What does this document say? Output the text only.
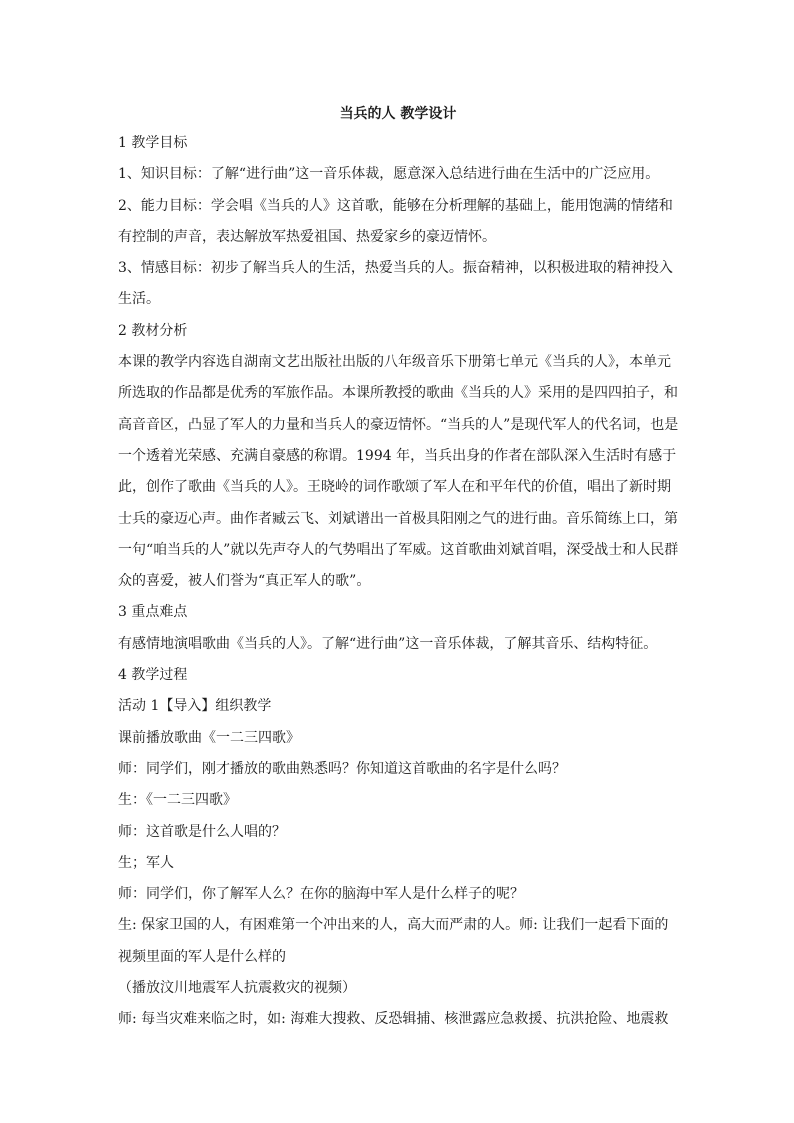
当兵的人 教学设计
1 教学目标
1、知识目标：了解“进行曲”这一音乐体裁，愿意深入总结进行曲在生活中的广泛应用。
2、能力目标：学会唱《当兵的人》这首歌，能够在分析理解的基础上，能用饱满的情绪和
有控制的声音，表达解放军热爱祖国、热爱家乡的豪迈情怀。
3、情感目标：初步了解当兵人的生活，热爱当兵的人。振奋精神，以积极进取的精神投入
生活。
2 教材分析
本课的教学内容选自湖南文艺出版社出版的八年级音乐下册第七单元《当兵的人》，本单元
所选取的作品都是优秀的军旅作品。本课所教授的歌曲《当兵的人》采用的是四四拍子，和
高音音区，凸显了军人的力量和当兵人的豪迈情怀。“当兵的人”是现代军人的代名词，也是
一个透着光荣感、充满自豪感的称谓。1994 年，当兵出身的作者在部队深入生活时有感于
此，创作了歌曲《当兵的人》。王晓岭的词作歌颂了军人在和平年代的价值，唱出了新时期
士兵的豪迈心声。曲作者臧云飞、刘斌谱出一首极具阳刚之气的进行曲。音乐简练上口，第
一句“咱当兵的人”就以先声夺人的气势唱出了军威。这首歌曲刘斌首唱，深受战士和人民群
众的喜爱，被人们誉为“真正军人的歌”。
3 重点难点
有感情地演唱歌曲《当兵的人》。了解“进行曲”这一音乐体裁，了解其音乐、结构特征。
4 教学过程
活动 1【导入】组织教学
课前播放歌曲《一二三四歌》
师：同学们，刚才播放的歌曲熟悉吗？你知道这首歌曲的名字是什么吗？
生：《一二三四歌》
师：这首歌是什么人唱的？
生；军人
师：同学们，你了解军人么？在你的脑海中军人是什么样子的呢？
生: 保家卫国的人，有困难第一个冲出来的人，高大而严肃的人。师: 让我们一起看下面的
视频里面的军人是什么样的
（播放汶川地震军人抗震救灾的视频）
师: 每当灾难来临之时，如: 海难大搜救、反恐辑捕、核泄露应急救援、抗洪抢险、地震救
